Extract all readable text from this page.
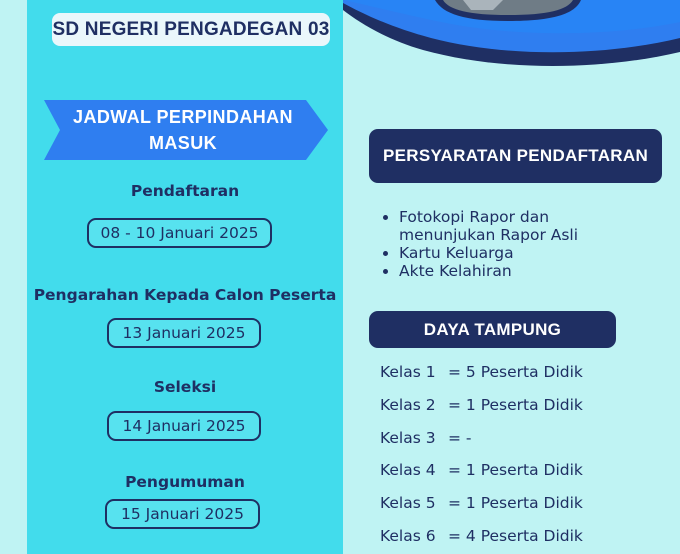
SD NEGERI PENGADEGAN 03
JADWAL PERPINDAHAN
MASUK
Pendaftaran
08 - 10 Januari 2025
Pengarahan Kepada Calon Peserta
13 Januari 2025
Seleksi
14 Januari 2025
Pengumuman
15 Januari 2025
PERSYARATAN PENDAFTARAN
Fotokopi Rapor dan menunjukan Rapor Asli
Kartu Keluarga
Akte Kelahiran
DAYA TAMPUNG
Kelas 1 = 5 Peserta Didik
Kelas 2 = 1 Peserta Didik
Kelas 3 = -
Kelas 4 = 1 Peserta Didik
Kelas 5 = 1 Peserta Didik
Kelas 6 = 4 Peserta Didik
